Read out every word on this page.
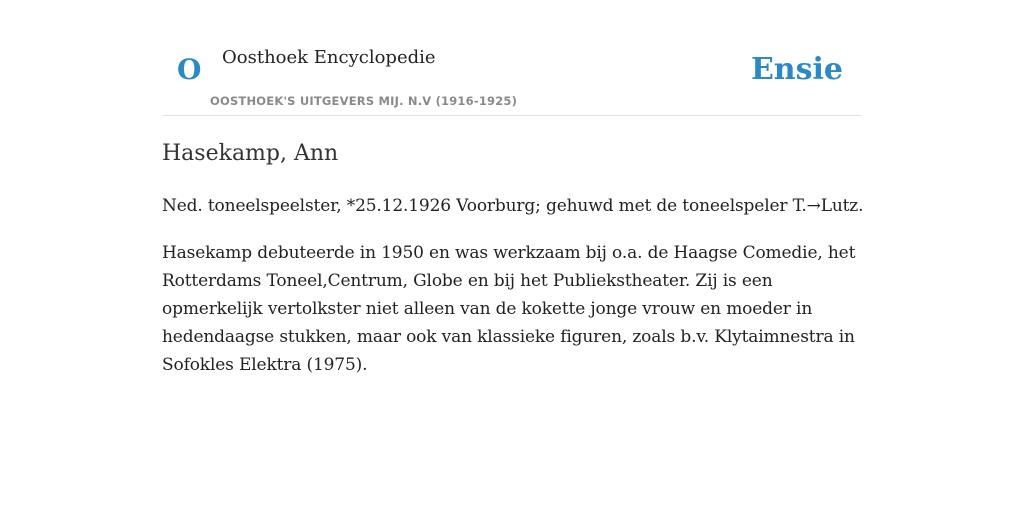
O Oosthoek Encyclopedie
OOSTHOEK'S UITGEVERS MIJ. N.V (1916-1925)
Ensie
Hasekamp, Ann

Ned. toneelspeelster, *25.12.1926 Voorburg; gehuwd met de toneelspeler T.→Lutz.

Hasekamp debuteerde in 1950 en was werkzaam bij o.a. de Haagse Comedie, het Rotterdams Toneel,Centrum, Globe en bij het Publiekstheater. Zij is een opmerkelijk vertolkster niet alleen van de kokette jonge vrouw en moeder in hedendaagse stukken, maar ook van klassieke figuren, zoals b.v. Klytaimnestra in Sofokles Elektra (1975).
